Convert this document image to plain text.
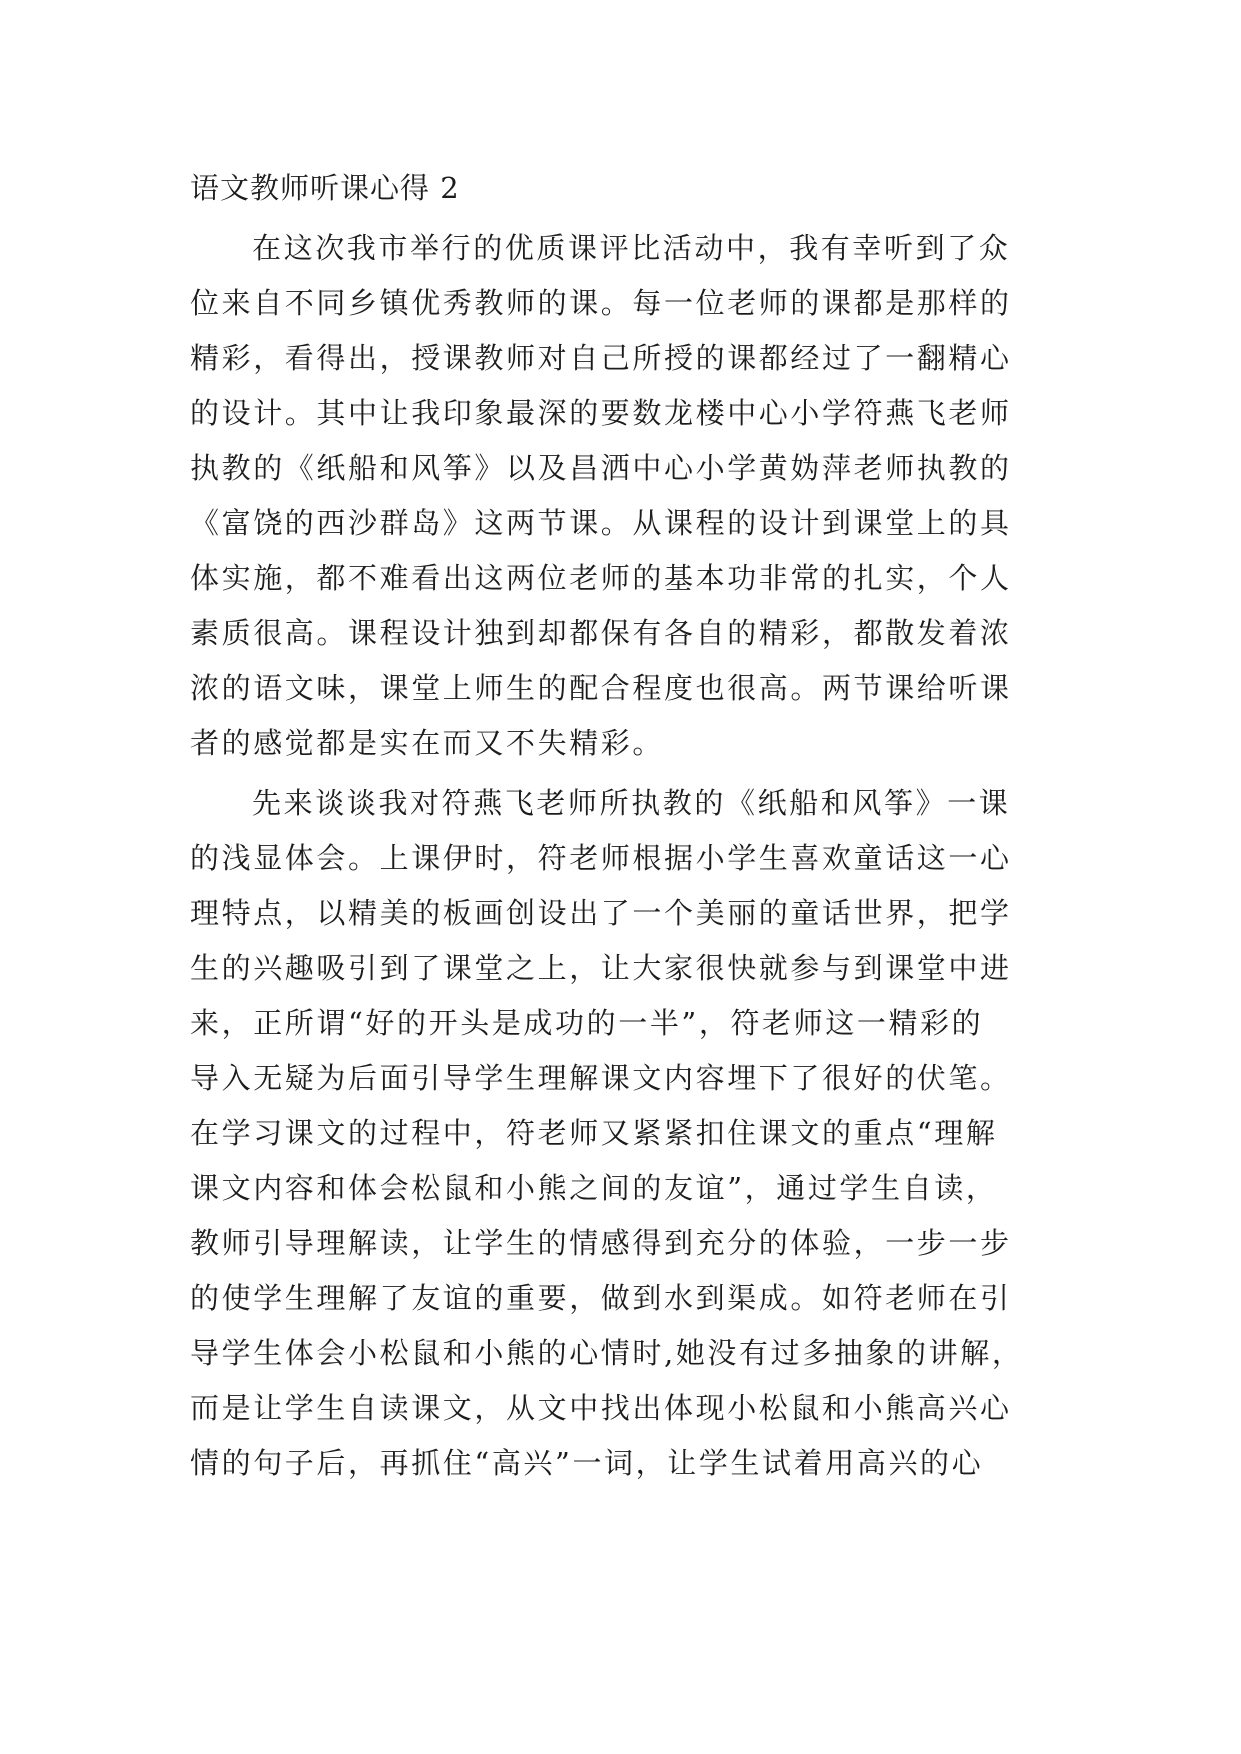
语文教师听课心得 2
在这次我市举行的优质课评比活动中，我有幸听到了众
位来自不同乡镇优秀教师的课。每一位老师的课都是那样的
精彩，看得出，授课教师对自己所授的课都经过了一翻精心
的设计。其中让我印象最深的要数龙楼中心小学符燕飞老师
执教的《纸船和风筝》以及昌洒中心小学黄妫萍老师执教的
《富饶的西沙群岛》这两节课。从课程的设计到课堂上的具
体实施，都不难看出这两位老师的基本功非常的扎实，个人
素质很高。课程设计独到却都保有各自的精彩，都散发着浓
浓的语文味，课堂上师生的配合程度也很高。两节课给听课
者的感觉都是实在而又不失精彩。
先来谈谈我对符燕飞老师所执教的《纸船和风筝》一课
的浅显体会。上课伊时，符老师根据小学生喜欢童话这一心
理特点，以精美的板画创设出了一个美丽的童话世界，把学
生的兴趣吸引到了课堂之上，让大家很快就参与到课堂中进
来，正所谓“好的开头是成功的一半”，符老师这一精彩的
导入无疑为后面引导学生理解课文内容埋下了很好的伏笔。
在学习课文的过程中，符老师又紧紧扣住课文的重点“理解
课文内容和体会松鼠和小熊之间的友谊”，通过学生自读，
教师引导理解读，让学生的情感得到充分的体验，一步一步
的使学生理解了友谊的重要，做到水到渠成。如符老师在引
导学生体会小松鼠和小熊的心情时,她没有过多抽象的讲解，
而是让学生自读课文，从文中找出体现小松鼠和小熊高兴心
情的句子后，再抓住“高兴”一词，让学生试着用高兴的心
